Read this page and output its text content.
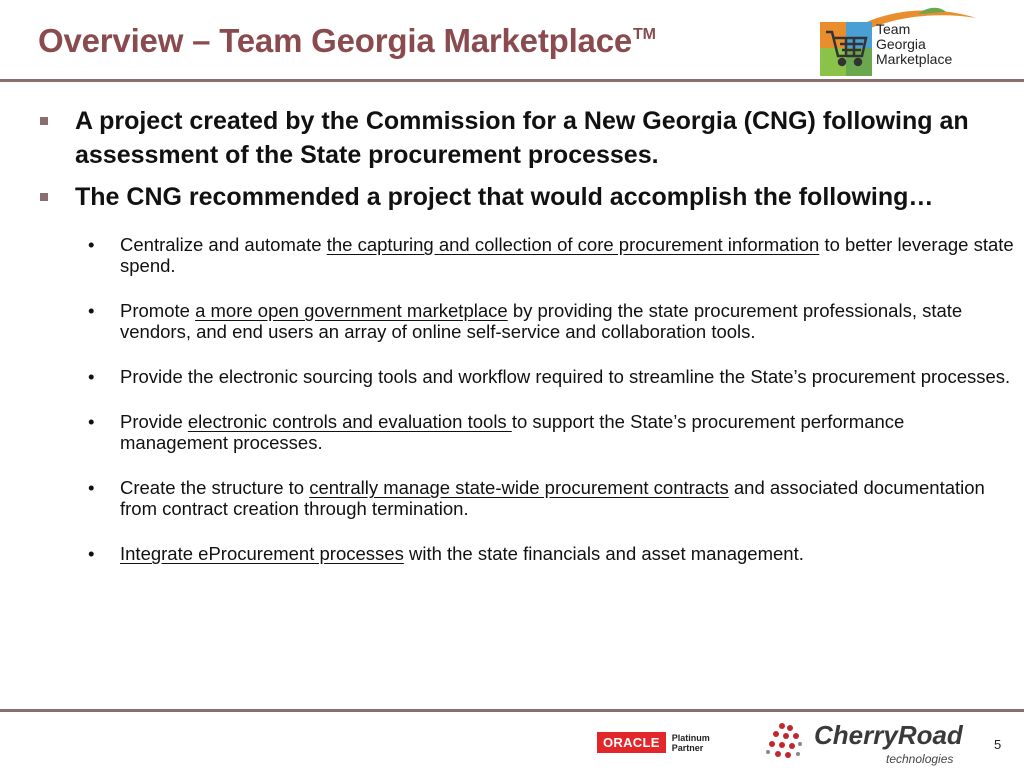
Overview – Team Georgia Marketplace™	Team
Georgia
Marketplace
A project created by the Commission for a New Georgia (CNG) following an assessment of the State procurement processes.
The CNG recommended a project that would accomplish the following…
• Centralize and automate the capturing and collection of core procurement information to better leverage state spend.
• Promote a more open government marketplace by providing the state procurement professionals, state vendors, and end users an array of online self-service and collaboration tools.
• Provide the electronic sourcing tools and workflow required to streamline the State’s procurement processes.
• Provide electronic controls and evaluation tools to support the State’s procurement performance management processes.
• Create the structure to centrally manage state-wide procurement contracts and associated documentation from contract creation through termination.
• Integrate eProcurement processes with the state financials and asset management.
ORACLE	Platinum
Partner	CherryRoad
technologies
5
